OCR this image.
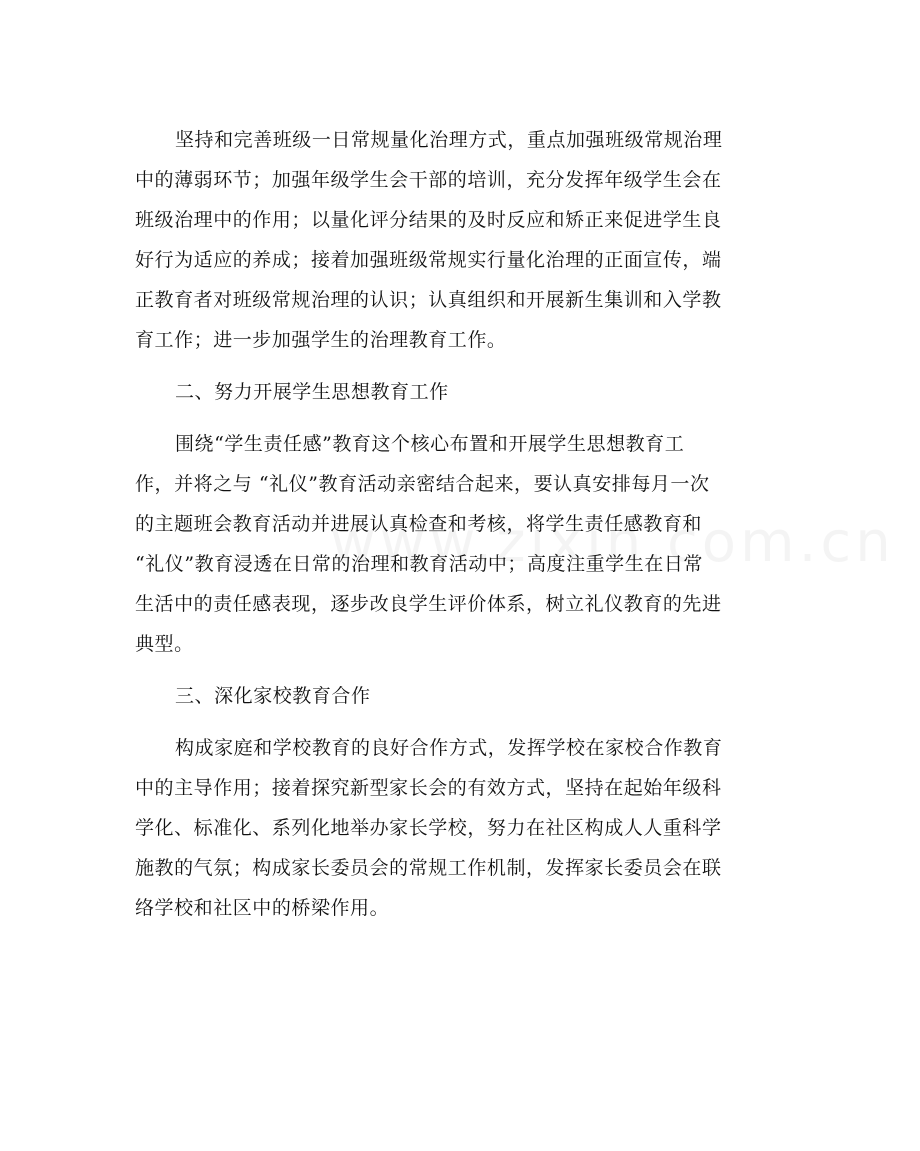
坚持和完善班级一日常规量化治理方式，重点加强班级常规治理
中的薄弱环节；加强年级学生会干部的培训，充分发挥年级学生会在
班级治理中的作用；以量化评分结果的及时反应和矫正来促进学生良
好行为适应的养成；接着加强班级常规实行量化治理的正面宣传，端
正教育者对班级常规治理的认识；认真组织和开展新生集训和入学教
育工作；进一步加强学生的治理教育工作。
二、努力开展学生思想教育工作
围绕“学生责任感”教育这个核心布置和开展学生思想教育工
作，并将之与 “礼仪”教育活动亲密结合起来，要认真安排每月一次
的主题班会教育活动并进展认真检查和考核，将学生责任感教育和
“礼仪”教育浸透在日常的治理和教育活动中；高度注重学生在日常
生活中的责任感表现，逐步改良学生评价体系，树立礼仪教育的先进
典型。
三、深化家校教育合作
构成家庭和学校教育的良好合作方式，发挥学校在家校合作教育
中的主导作用；接着探究新型家长会的有效方式，坚持在起始年级科
学化、标准化、系列化地举办家长学校，努力在社区构成人人重科学
施教的气氛；构成家长委员会的常规工作机制，发挥家长委员会在联
络学校和社区中的桥梁作用。
